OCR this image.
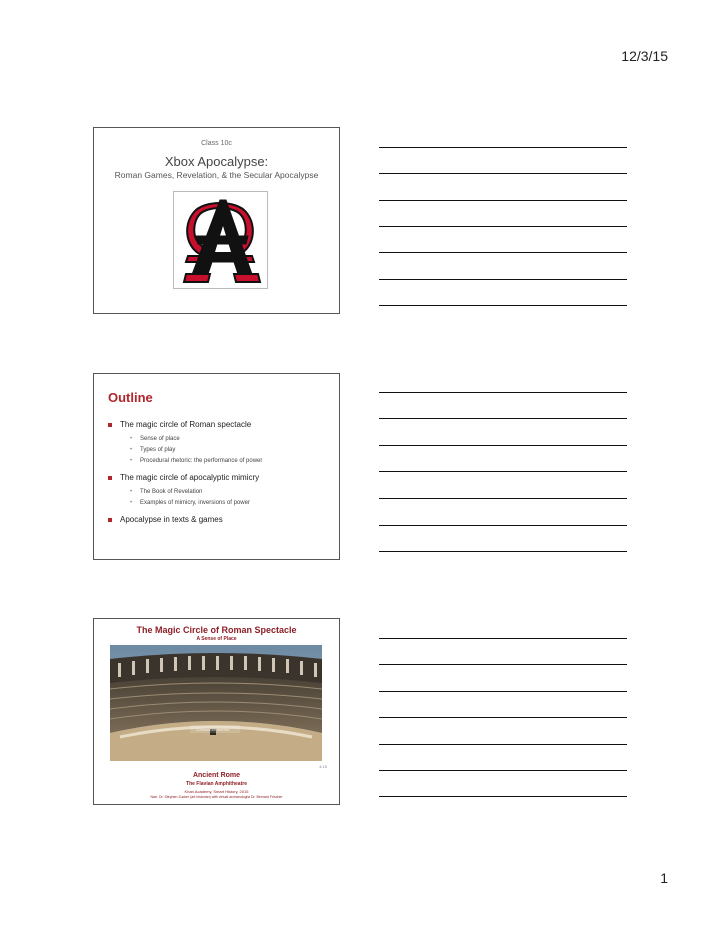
12/3/15
Class 10c
Xbox Apocalypse:
Roman Games, Revelation, & the Secular Apocalypse
Outline
The magic circle of Roman spectacle
• Sense of place
• Types of play
• Procedural rhetoric: the performance of power
The magic circle of apocalyptic mimicry
• The Book of Revelation
• Examples of mimicry, inversions of power
Apocalypse in texts & games
The Magic Circle of Roman Spectacle
A Sense of Place
Colosseum interior
4:15
Ancient Rome
The Flavian Amphitheatre
Khan Academy, Smart History, 2015
Narr. Dr. Stephen Zucker (art historian) with virtual archaeologist Dr. Bernard Frischer
1
